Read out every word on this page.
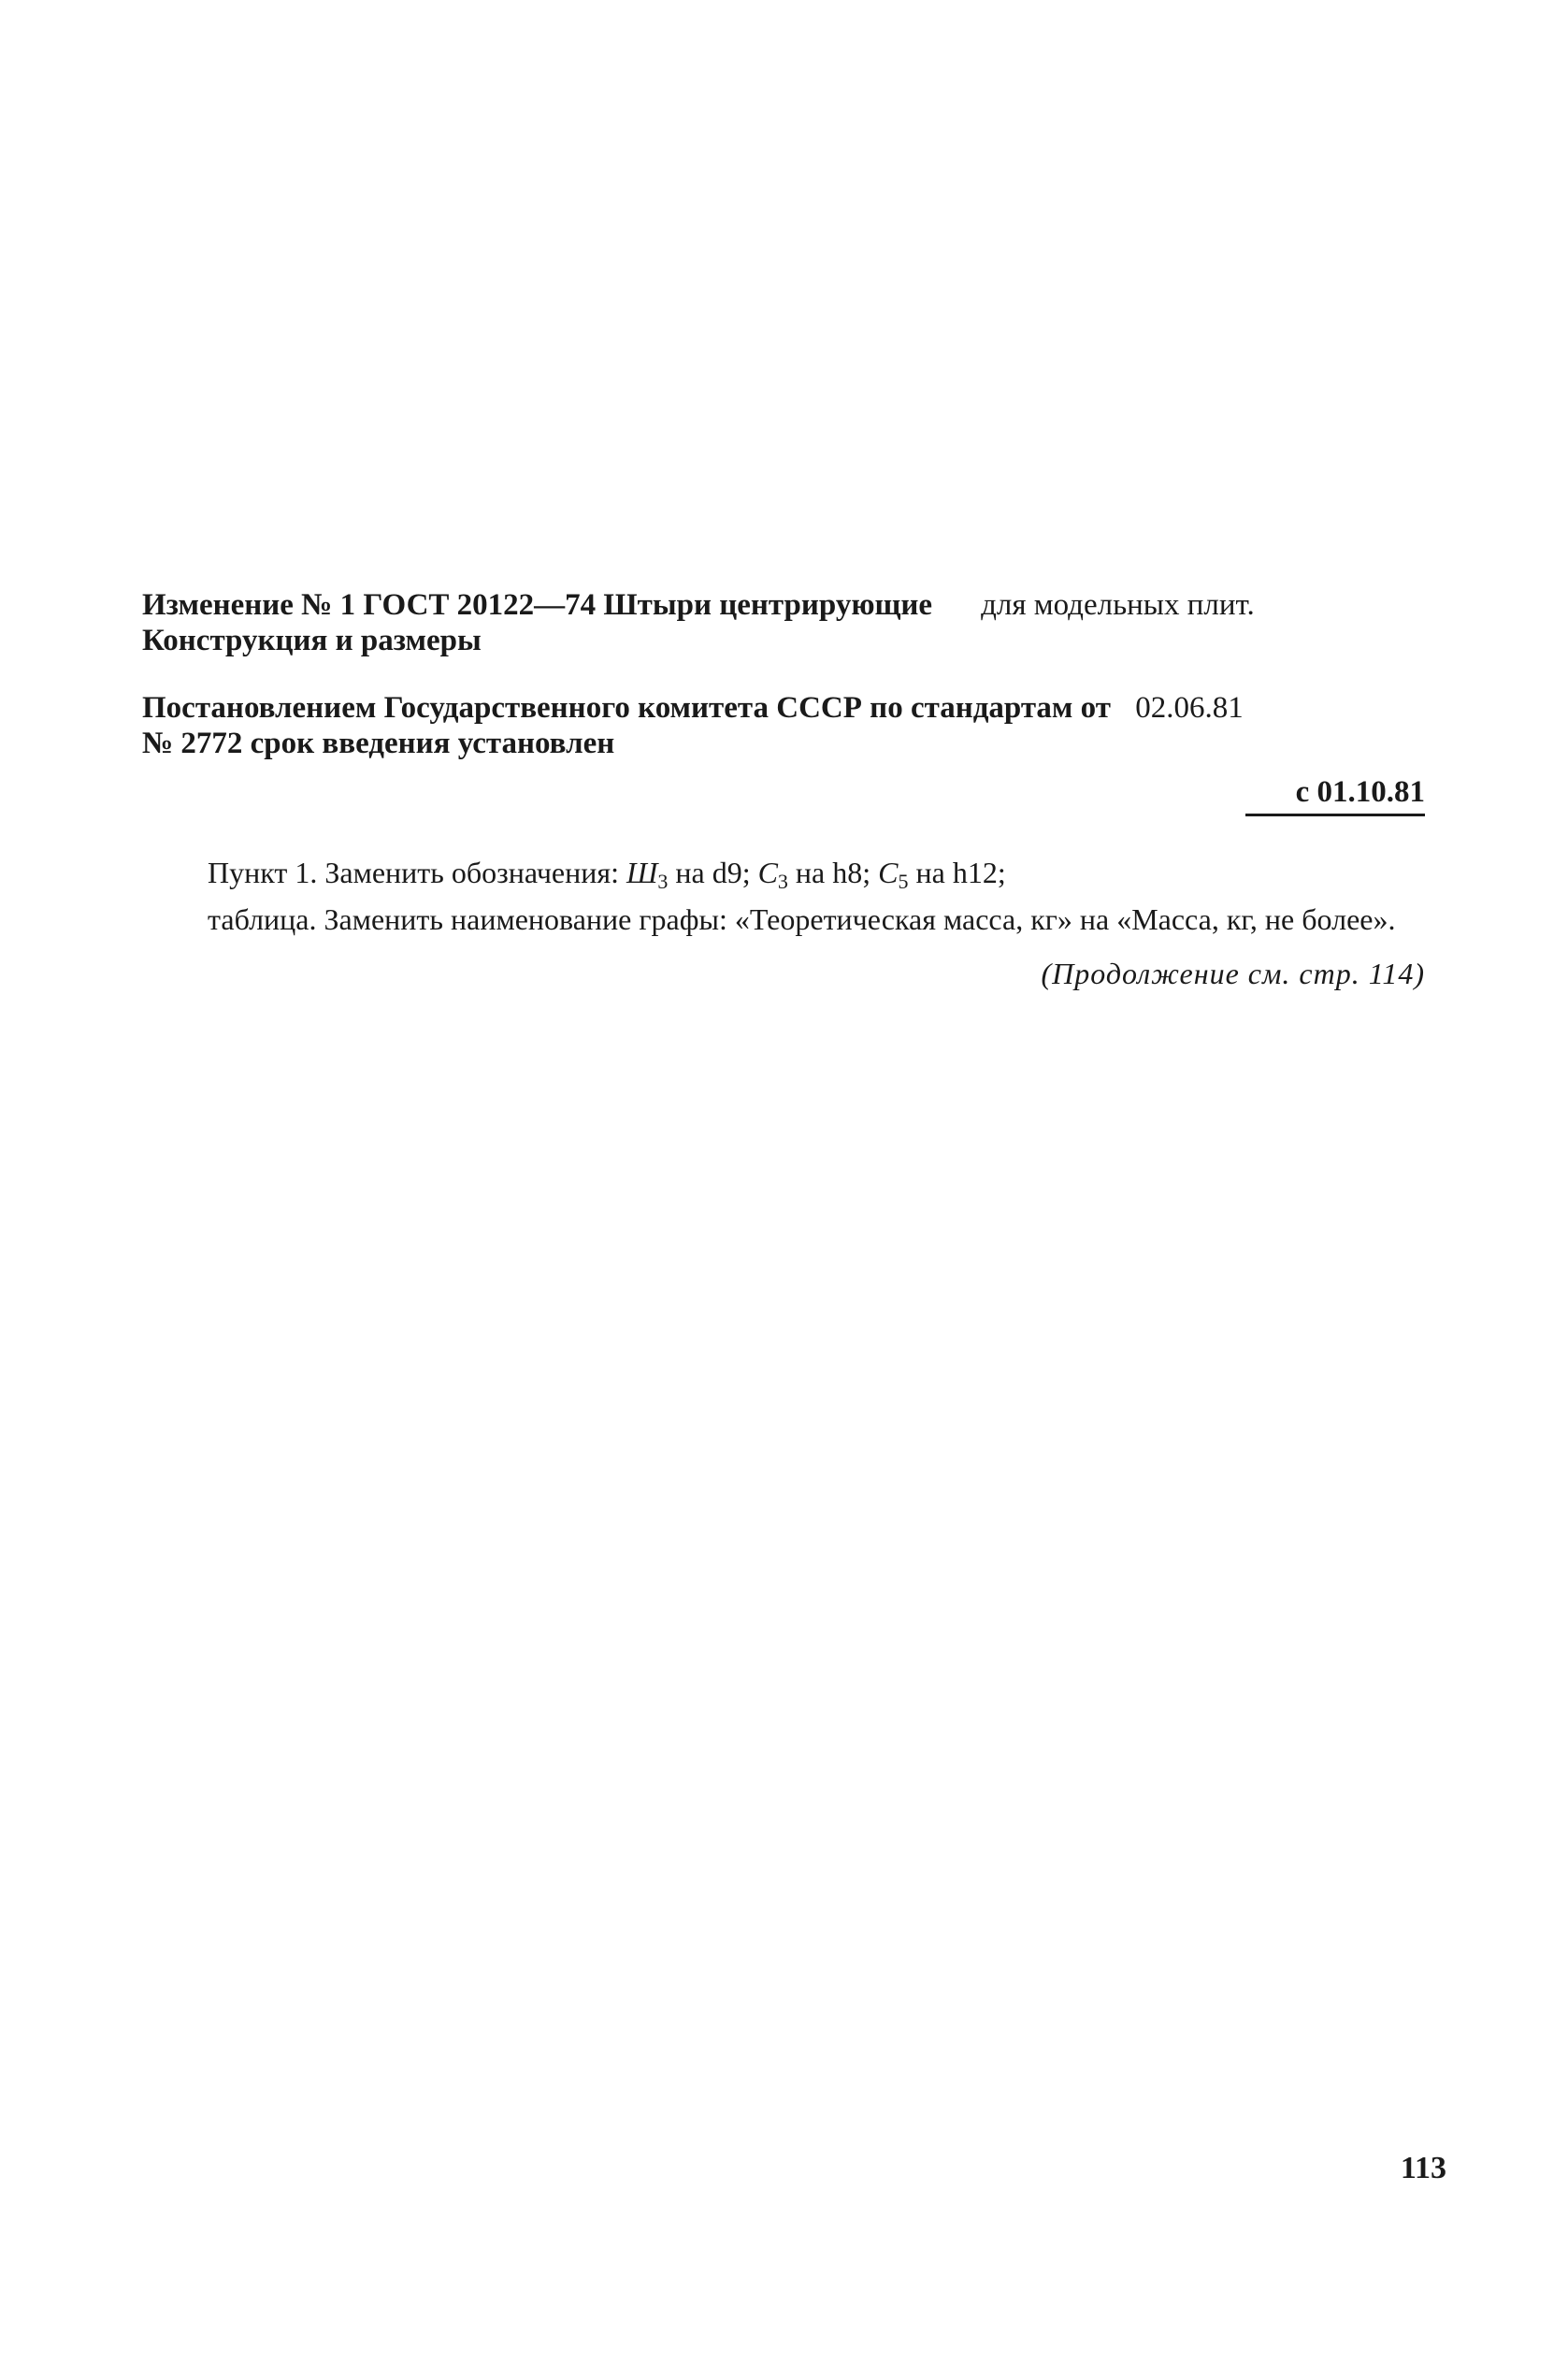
Изменение № 1 ГОСТ 20122—74 Штыри центрирующие для модельных плит.
Конструкция и размеры
Постановлением Государственного комитета СССР по стандартам от 02.06.81
№ 2772 срок введения установлен
с 01.10.81

Пункт 1. Заменить обозначения: $Ш_3$ на d9; $С_3$ на h8; $С_5$ на h12;

таблица. Заменить наименование графы: «Теоретическая масса, кг» на «Масса, кг, не более».

(Продолжение см. стр. 114)
113
